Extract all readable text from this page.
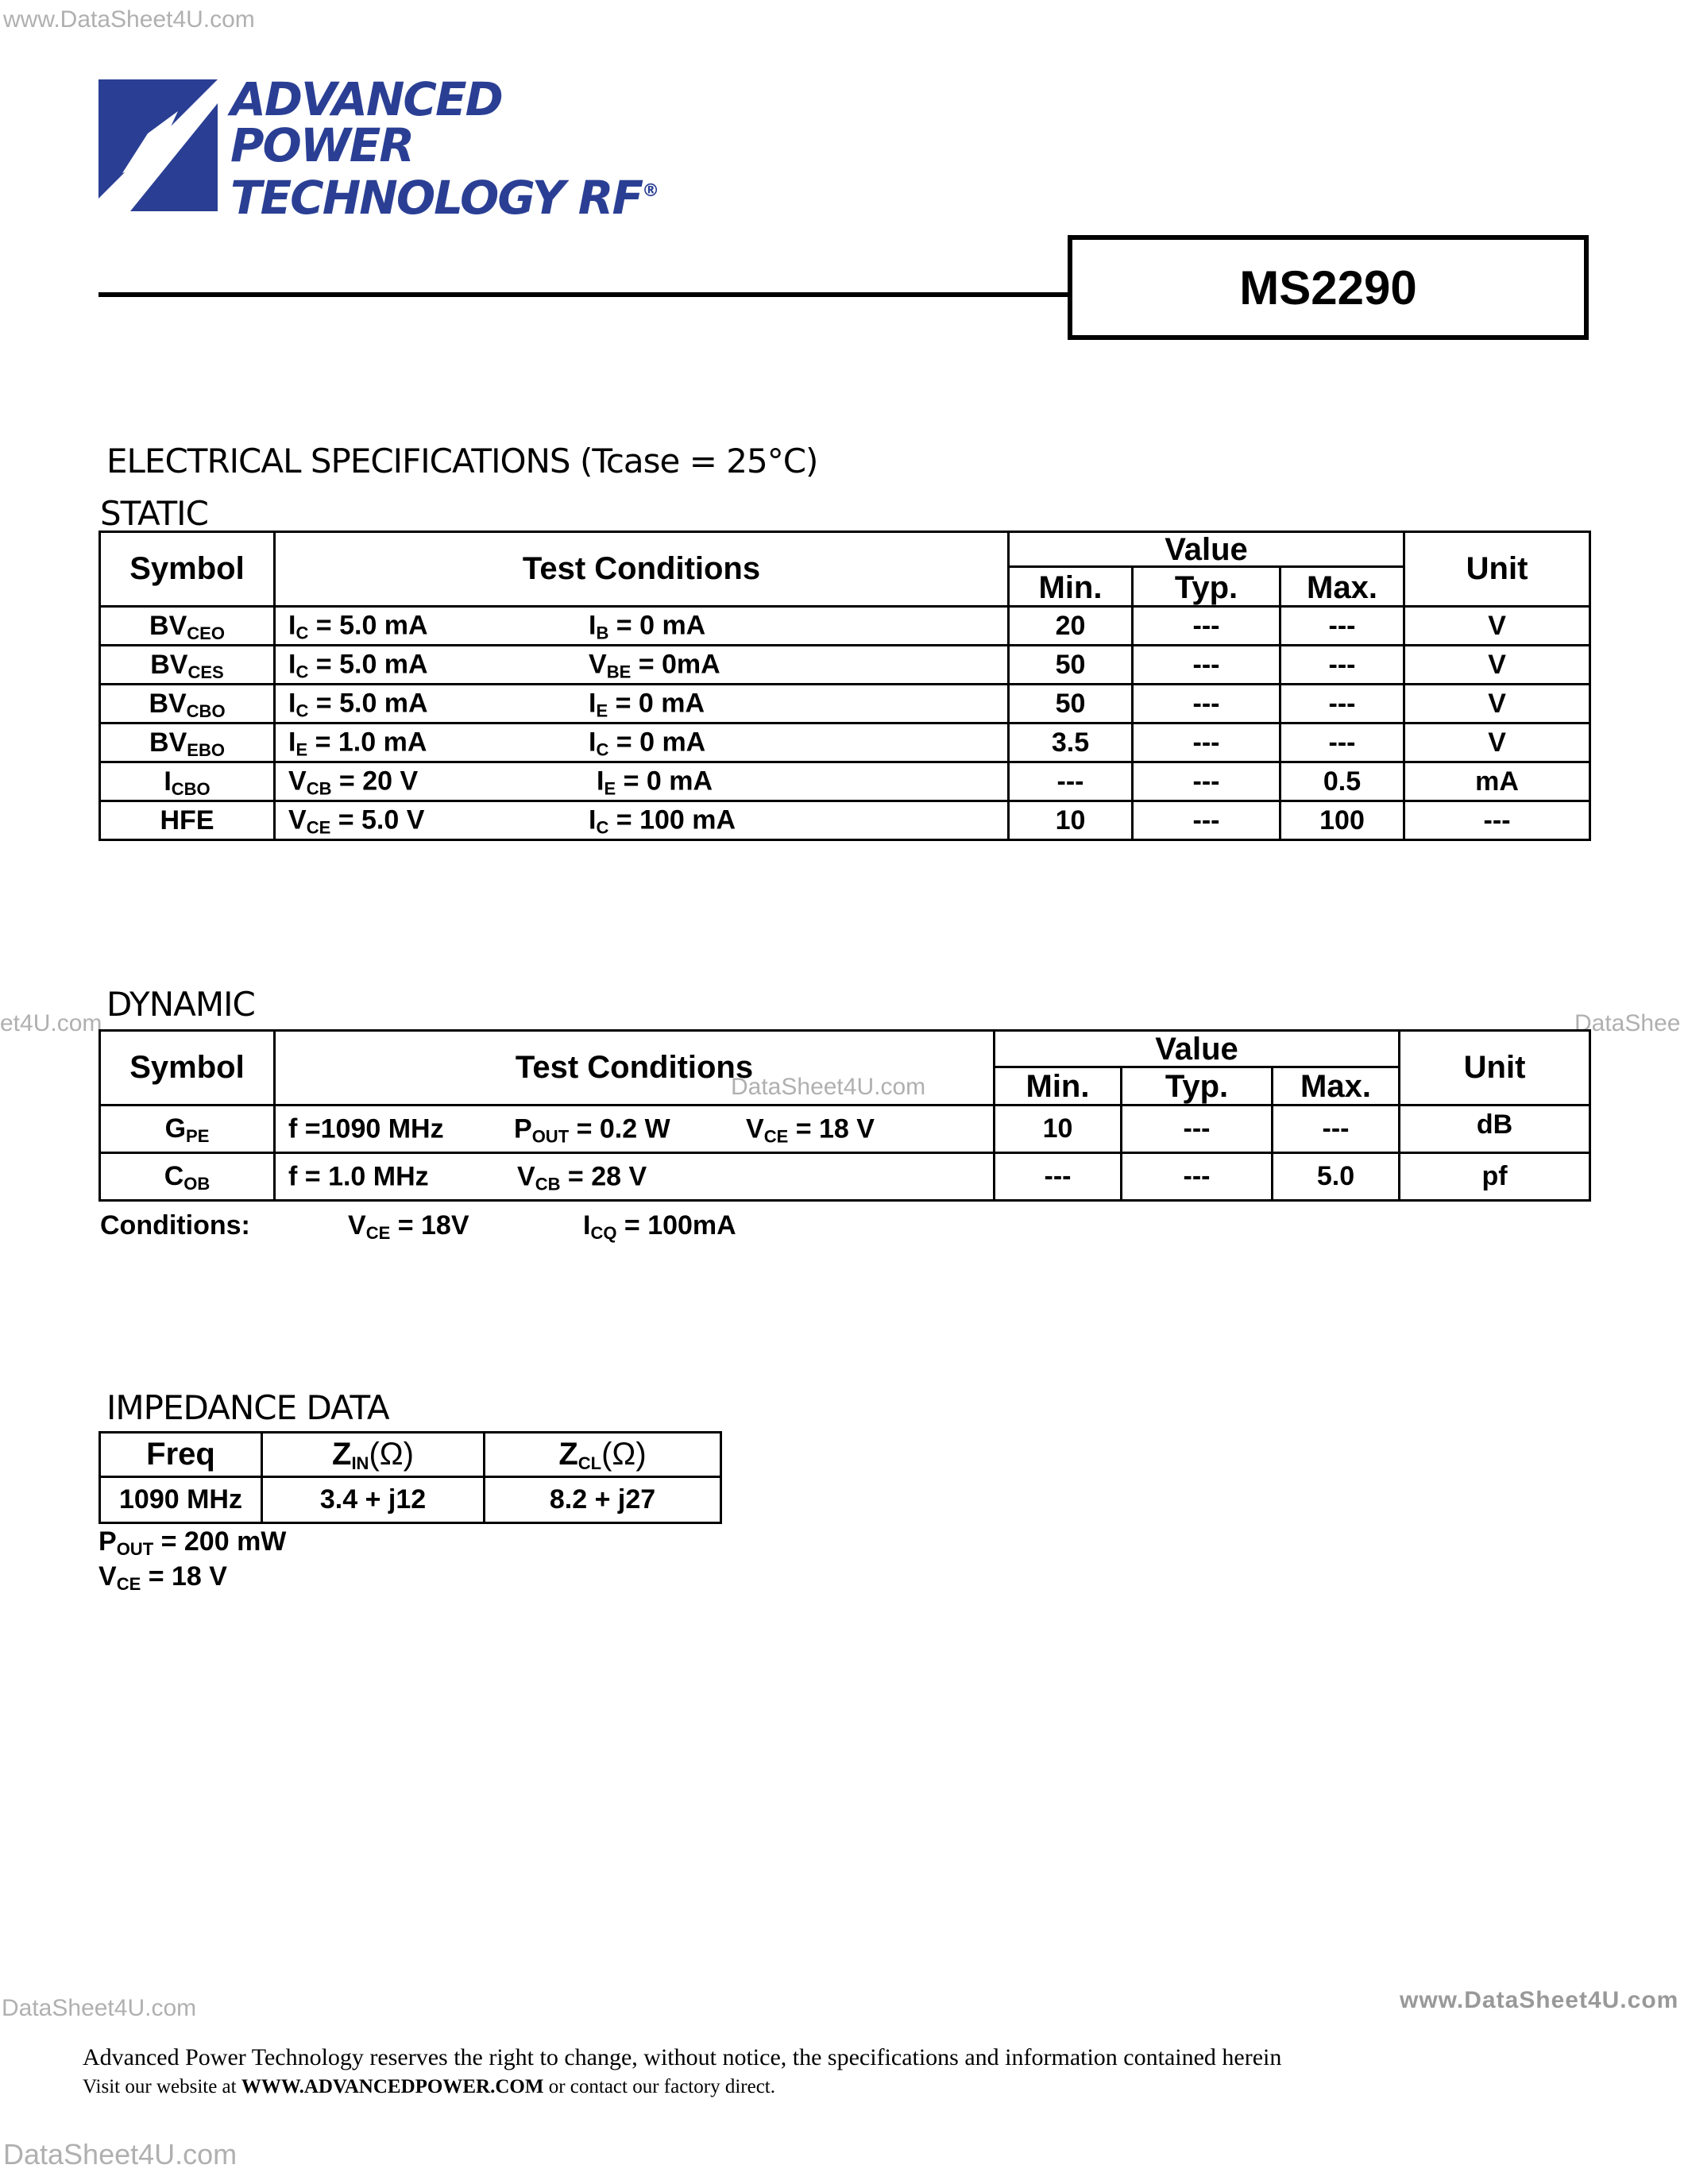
www.DataSheet4U.com
et4U.com
DataSheet4U.com
DataShee
DataSheet4U.com	www.DataSheet4U.com
DataSheet4U.com
ADVANCED
POWER
TECHNOLOGY RF®
MS2290
ELECTRICAL SPECIFICATIONS (Tcase = 25°C)
STATIC
Symbol	Test Conditions	Value			Unit
		Min.	Typ.	Max.	
$BV_{CEO}$	$I_C = 5.0$ mA $I_B = 0$ mA	20	---	---	V
$BV_{CES}$	$I_C = 5.0$ mA $V_{BE} = 0mA$	50	---	---	V
$BV_{CBO}$	$I_C = 5.0$ mA $I_E = 0$ mA	50	---	---	V
$BV_{EBO}$	$I_E = 1.0$ mA $I_C = 0$ mA	3.5	---	---	V
$I_{CBO}$	$V_{CB} = 20$ V $I_E = 0$ mA	---	---	0.5	mA
HFE	$V_{CE} = 5.0$ V $I_C = 100$ mA	10	---	100	---
DYNAMIC
Symbol	Test Conditions	Value			Unit
		Min.	Typ.	Max.	
$G_{PE}$	f =1090 MHz $P_{OUT} = 0.2$ W $V_{CE} = 18$ V	10	---	---	dB
$C_{OB}$	f = 1.0 MHz $V_{CB} = 28$ V	---	---	5.0	pf
Conditions:	$V_{CE} = 18V$	$I_{CQ} = 100mA$
IMPEDANCE DATA
Freq	$Z_{IN}(\Omega)$	$Z_{CL}(\Omega)$
1090 MHz	3.4 + j12	8.2 + j27
$P_{OUT} = 200$ mW
$V_{CE} = 18$ V
Advanced Power Technology reserves the right to change, without notice, the specifications and information contained herein
Visit our website at WWW.ADVANCEDPOWER.COM or contact our factory direct.
